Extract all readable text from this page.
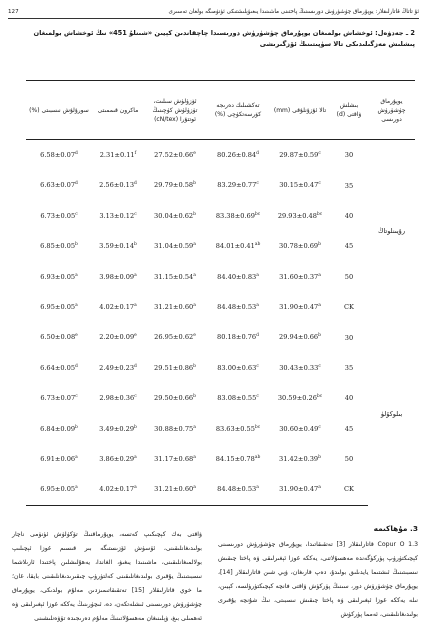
127	ئۇ تاتاڭ قاتارلىقلار: يوپۇرماق چۈشۈرۈش دورىسىنىڭ پاختىنى ماشىنىدا يىغىۋېلىشتىكى ئۈنۈمىگە بولغان تەسىرى
2 ـ جەدۋەل: ئوخشاش بولمىغان يوپۇرماق چۈشۈرۈش دورىسىدا چاچقاندىن كېيىن «شىنلۇ 451» نىڭ ئوخشاش بولمىغان پىشلىش مەزگىلىدىكى تالا سۈپىتىنىڭ ئۆزگىرىشى
سورۇلۇش نىسبىتى (%)	ماكرون قىممىتى	ئۆزۈلۈش سىلىت، تۈزۈلۈش كۈچىنىڭ ئوتتۇرا (cN/tex)	تەكشىلىك دەرىجە كۆرسەتكۈچى (%)	تالا ئۇزۇنلۇقى (mm)	بىشلش ۋاقتى (d)	يوپۇرماق چۈشۈرۈش دورىسى
6.58±0.07$^d$	2.31±0.11$^f$	27.52±0.66$^e$	80.26±0.84$^d$	29.87±0.59$^c$	30	رۇيىنلوتاڭ
6.63±0.07$^d$	2.56±0.13$^d$	29.79±0.58$^b$	83.29±0.77$^c$	30.15±0.47$^c$	35	
6.73±0.05$^c$	3.13±0.12$^c$	30.04±0.62$^b$	83.38±0.69$^{bc}$	29.93±0.48$^{bc}$	40	
6.85±0.05$^b$	3.59±0.14$^b$	31.04±0.59$^a$	84.01±0.41$^{ab}$	30.78±0.69$^b$	45	
6.93±0.05$^a$	3.98±0.09$^a$	31.15±0.54$^a$	84.40±0.83$^a$	31.60±0.37$^a$	50	
6.95±0.05$^a$	4.02±0.17$^a$	31.21±0.60$^a$	84.48±0.53$^a$	31.90±0.47$^a$	CK	
6.50±0.08$^e$	2.20±0.09$^e$	26.95±0.62$^e$	80.18±0.76$^d$	29.94±0.66$^b$	30	بىلوكۆلۈ
6.64±0.05$^d$	2.49±0.23$^d$	29.51±0.86$^b$	83.00±0.63$^c$	30.43±0.33$^c$	35	
6.73±0.07$^c$	2.98±0.36$^c$	29.50±0.66$^b$	83.08±0.55$^c$	30.59±0.26$^{bc}$	40	
6.84±0.09$^b$	3.49±0.29$^b$	30.88±0.75$^a$	83.63±0.55$^{bc}$	30.60±0.49$^c$	45	
6.91±0.06$^a$	3.86±0.29$^a$	31.17±0.68$^a$	84.15±0.78$^{ab}$	31.42±0.39$^b$	50	
6.95±0.05$^a$	4.02±0.17$^a$	31.21±0.60$^a$	84.48±0.53$^a$	31.90±0.47$^a$	CK	
3. مۇھاكىمە
1.3 Copur O قاتارلىقلار [3] تەتقىقاتىدا، يوپۇرماق چۈشۈرۈش دورىسىنى كېچىكتۈرۈپ پۈركۈگەندە مەھسۇلاتنى، يەككە غوزا ئېغىرلىقى ۋە پاختا چىقىش نىسبىتىنىڭ ئىشتىما يايدىلىق بولىدۇ، دەپ قارىغان، ۋېي شىن قاتارلىقلار [14]، يوپۇرماق چۈشۈرۈش دور، سىنىڭ پۈركۈش ۋاقتى فانچە كېچىكتۈرۈلسە، كېيىن، نىلە يەككە غوزا ئېغىرلىقى ۋە پاختا چىقىش نىسبىتى، نىڭ شۇنچە يۇقىرى بولىدىغانلىقىنى، ئەمما پۈركۈش
ۋاقتى بەك كېچىكىپ كەتسە، يوپۇرماقنىڭ تۆكۈلۈش ئۈنۈمى ناچار بولىدىغانلىقىنى، ئۆسۈش ئۆزىستىگە بىر قىسىم غوزا ئېچىلىپ بولالمىغانلىقىنى، ماشىنىدا يىغىۋ، الغاندا، يەھۇلىشلىن پاختىدا ئارىلاشما نىسبىتىنىڭ يۇقىرى بولىدىغانلىقىنى كەلتۈرۈپ چىقىرىدىغانلىقىنى بايقا، غان؛ ما خوي قاتارلىقلار [15] تەتقىقاتىمىزدىن مەلۇم بولدىكى، يوپۇرماق چۈشۈرۈش دورىسىنى ئىشلەتكەن، دە، ئىچۈرىنىڭ يەككە غوزا ئېغىرلىقى ۋە ئەھمىلى بىغ، ۋېلىنىغان مەھسۇلاتىنىڭ مەلۇم دەرىجىدە تۆۋەنلىشىنى
